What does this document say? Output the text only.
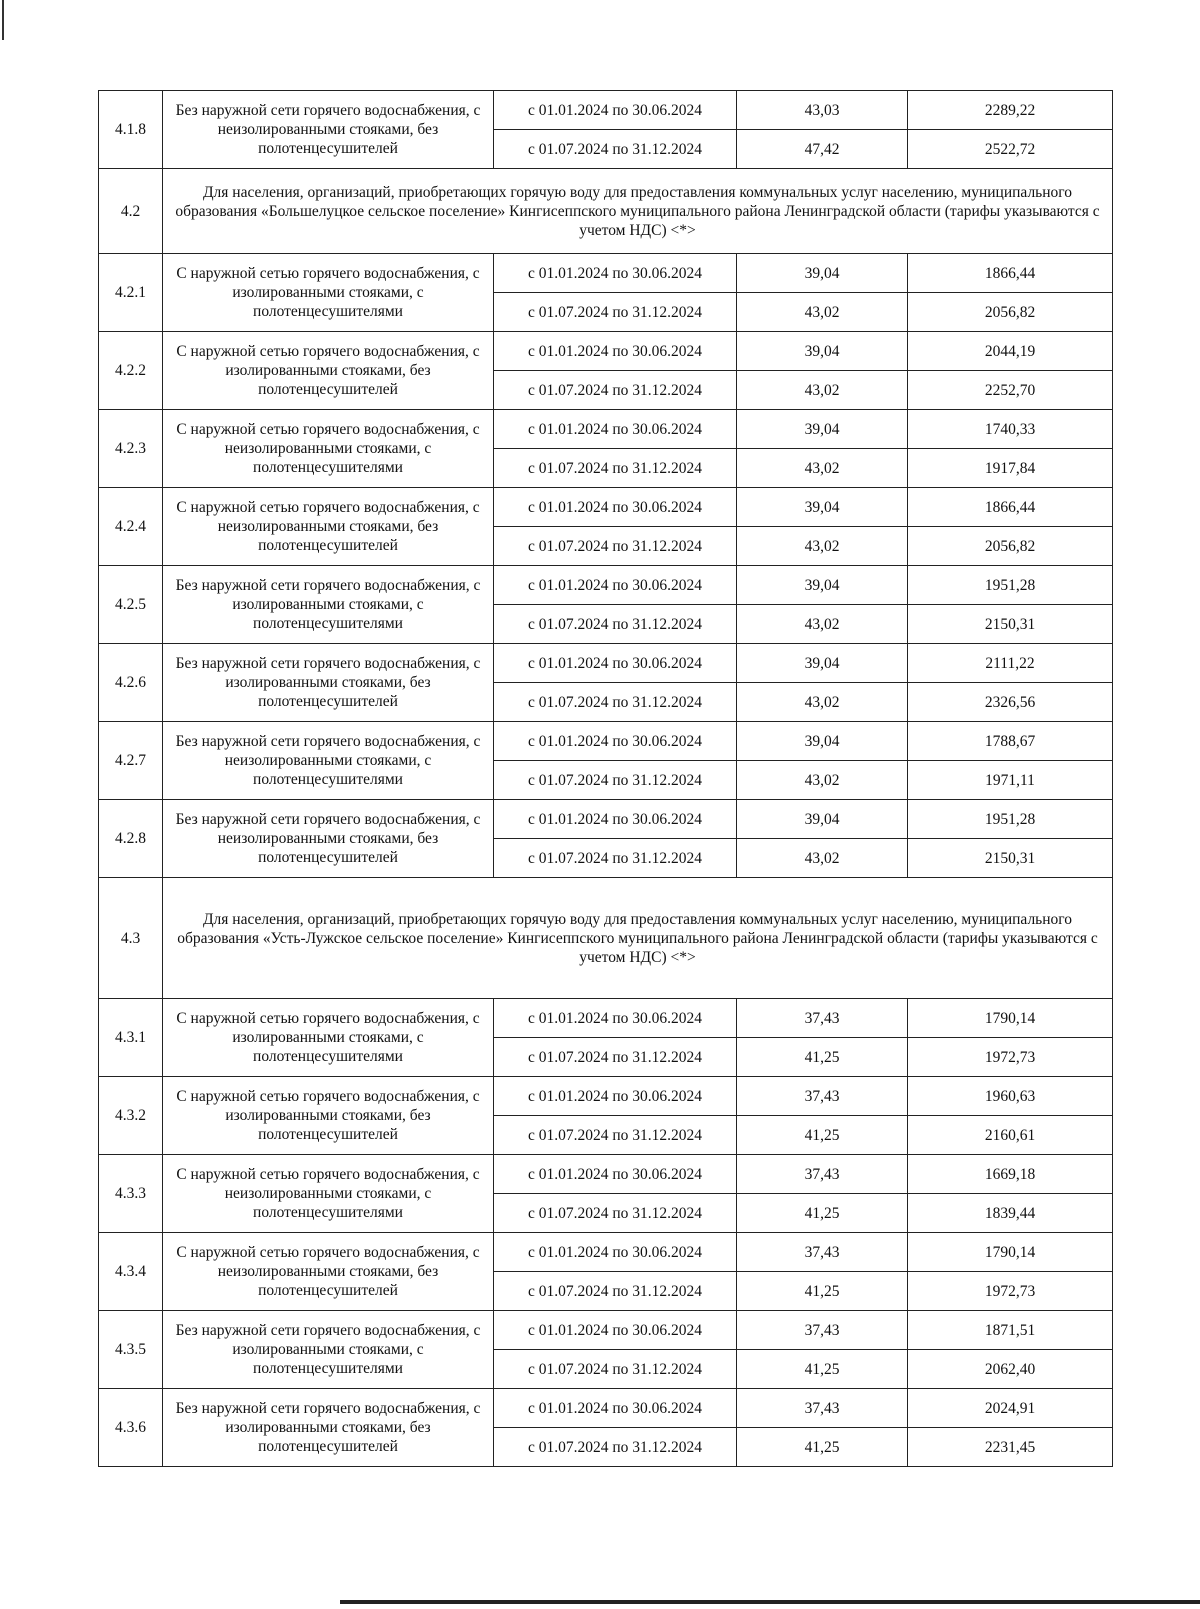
4.1.8	Без наружной сети горячего водоснабжения, с неизолированными стояками, без полотенцесушителей	с 01.01.2024 по 30.06.2024	43,03	2289,22
		с 01.07.2024 по 31.12.2024	47,42	2522,72
4.2	Для населения, организаций, приобретающих горячую воду для предоставления коммунальных услуг населению, муниципального образования «Большелуцкое сельское поселение» Кингисеппского муниципального района Ленинградской области (тарифы указываются с учетом НДС) <*>			
4.2.1	С наружной сетью горячего водоснабжения, с изолированными стояками, с полотенцесушителями	с 01.01.2024 по 30.06.2024	39,04	1866,44
		с 01.07.2024 по 31.12.2024	43,02	2056,82
4.2.2	С наружной сетью горячего водоснабжения, с изолированными стояками, без полотенцесушителей	с 01.01.2024 по 30.06.2024	39,04	2044,19
		с 01.07.2024 по 31.12.2024	43,02	2252,70
4.2.3	С наружной сетью горячего водоснабжения, с неизолированными стояками, с полотенцесушителями	с 01.01.2024 по 30.06.2024	39,04	1740,33
		с 01.07.2024 по 31.12.2024	43,02	1917,84
4.2.4	С наружной сетью горячего водоснабжения, с неизолированными стояками, без полотенцесушителей	с 01.01.2024 по 30.06.2024	39,04	1866,44
		с 01.07.2024 по 31.12.2024	43,02	2056,82
4.2.5	Без наружной сети горячего водоснабжения, с изолированными стояками, с полотенцесушителями	с 01.01.2024 по 30.06.2024	39,04	1951,28
		с 01.07.2024 по 31.12.2024	43,02	2150,31
4.2.6	Без наружной сети горячего водоснабжения, с изолированными стояками, без полотенцесушителей	с 01.01.2024 по 30.06.2024	39,04	2111,22
		с 01.07.2024 по 31.12.2024	43,02	2326,56
4.2.7	Без наружной сети горячего водоснабжения, с неизолированными стояками, с полотенцесушителями	с 01.01.2024 по 30.06.2024	39,04	1788,67
		с 01.07.2024 по 31.12.2024	43,02	1971,11
4.2.8	Без наружной сети горячего водоснабжения, с неизолированными стояками, без полотенцесушителей	с 01.01.2024 по 30.06.2024	39,04	1951,28
		с 01.07.2024 по 31.12.2024	43,02	2150,31
4.3	Для населения, организаций, приобретающих горячую воду для предоставления коммунальных услуг населению, муниципального образования «Усть-Лужское сельское поселение» Кингисеппского муниципального района Ленинградской области (тарифы указываются с учетом НДС) <*>			
4.3.1	С наружной сетью горячего водоснабжения, с изолированными стояками, с полотенцесушителями	с 01.01.2024 по 30.06.2024	37,43	1790,14
		с 01.07.2024 по 31.12.2024	41,25	1972,73
4.3.2	С наружной сетью горячего водоснабжения, с изолированными стояками, без полотенцесушителей	с 01.01.2024 по 30.06.2024	37,43	1960,63
		с 01.07.2024 по 31.12.2024	41,25	2160,61
4.3.3	С наружной сетью горячего водоснабжения, с неизолированными стояками, с полотенцесушителями	с 01.01.2024 по 30.06.2024	37,43	1669,18
		с 01.07.2024 по 31.12.2024	41,25	1839,44
4.3.4	С наружной сетью горячего водоснабжения, с неизолированными стояками, без полотенцесушителей	с 01.01.2024 по 30.06.2024	37,43	1790,14
		с 01.07.2024 по 31.12.2024	41,25	1972,73
4.3.5	Без наружной сети горячего водоснабжения, с изолированными стояками, с полотенцесушителями	с 01.01.2024 по 30.06.2024	37,43	1871,51
		с 01.07.2024 по 31.12.2024	41,25	2062,40
4.3.6	Без наружной сети горячего водоснабжения, с изолированными стояками, без полотенцесушителей	с 01.01.2024 по 30.06.2024	37,43	2024,91
		с 01.07.2024 по 31.12.2024	41,25	2231,45
